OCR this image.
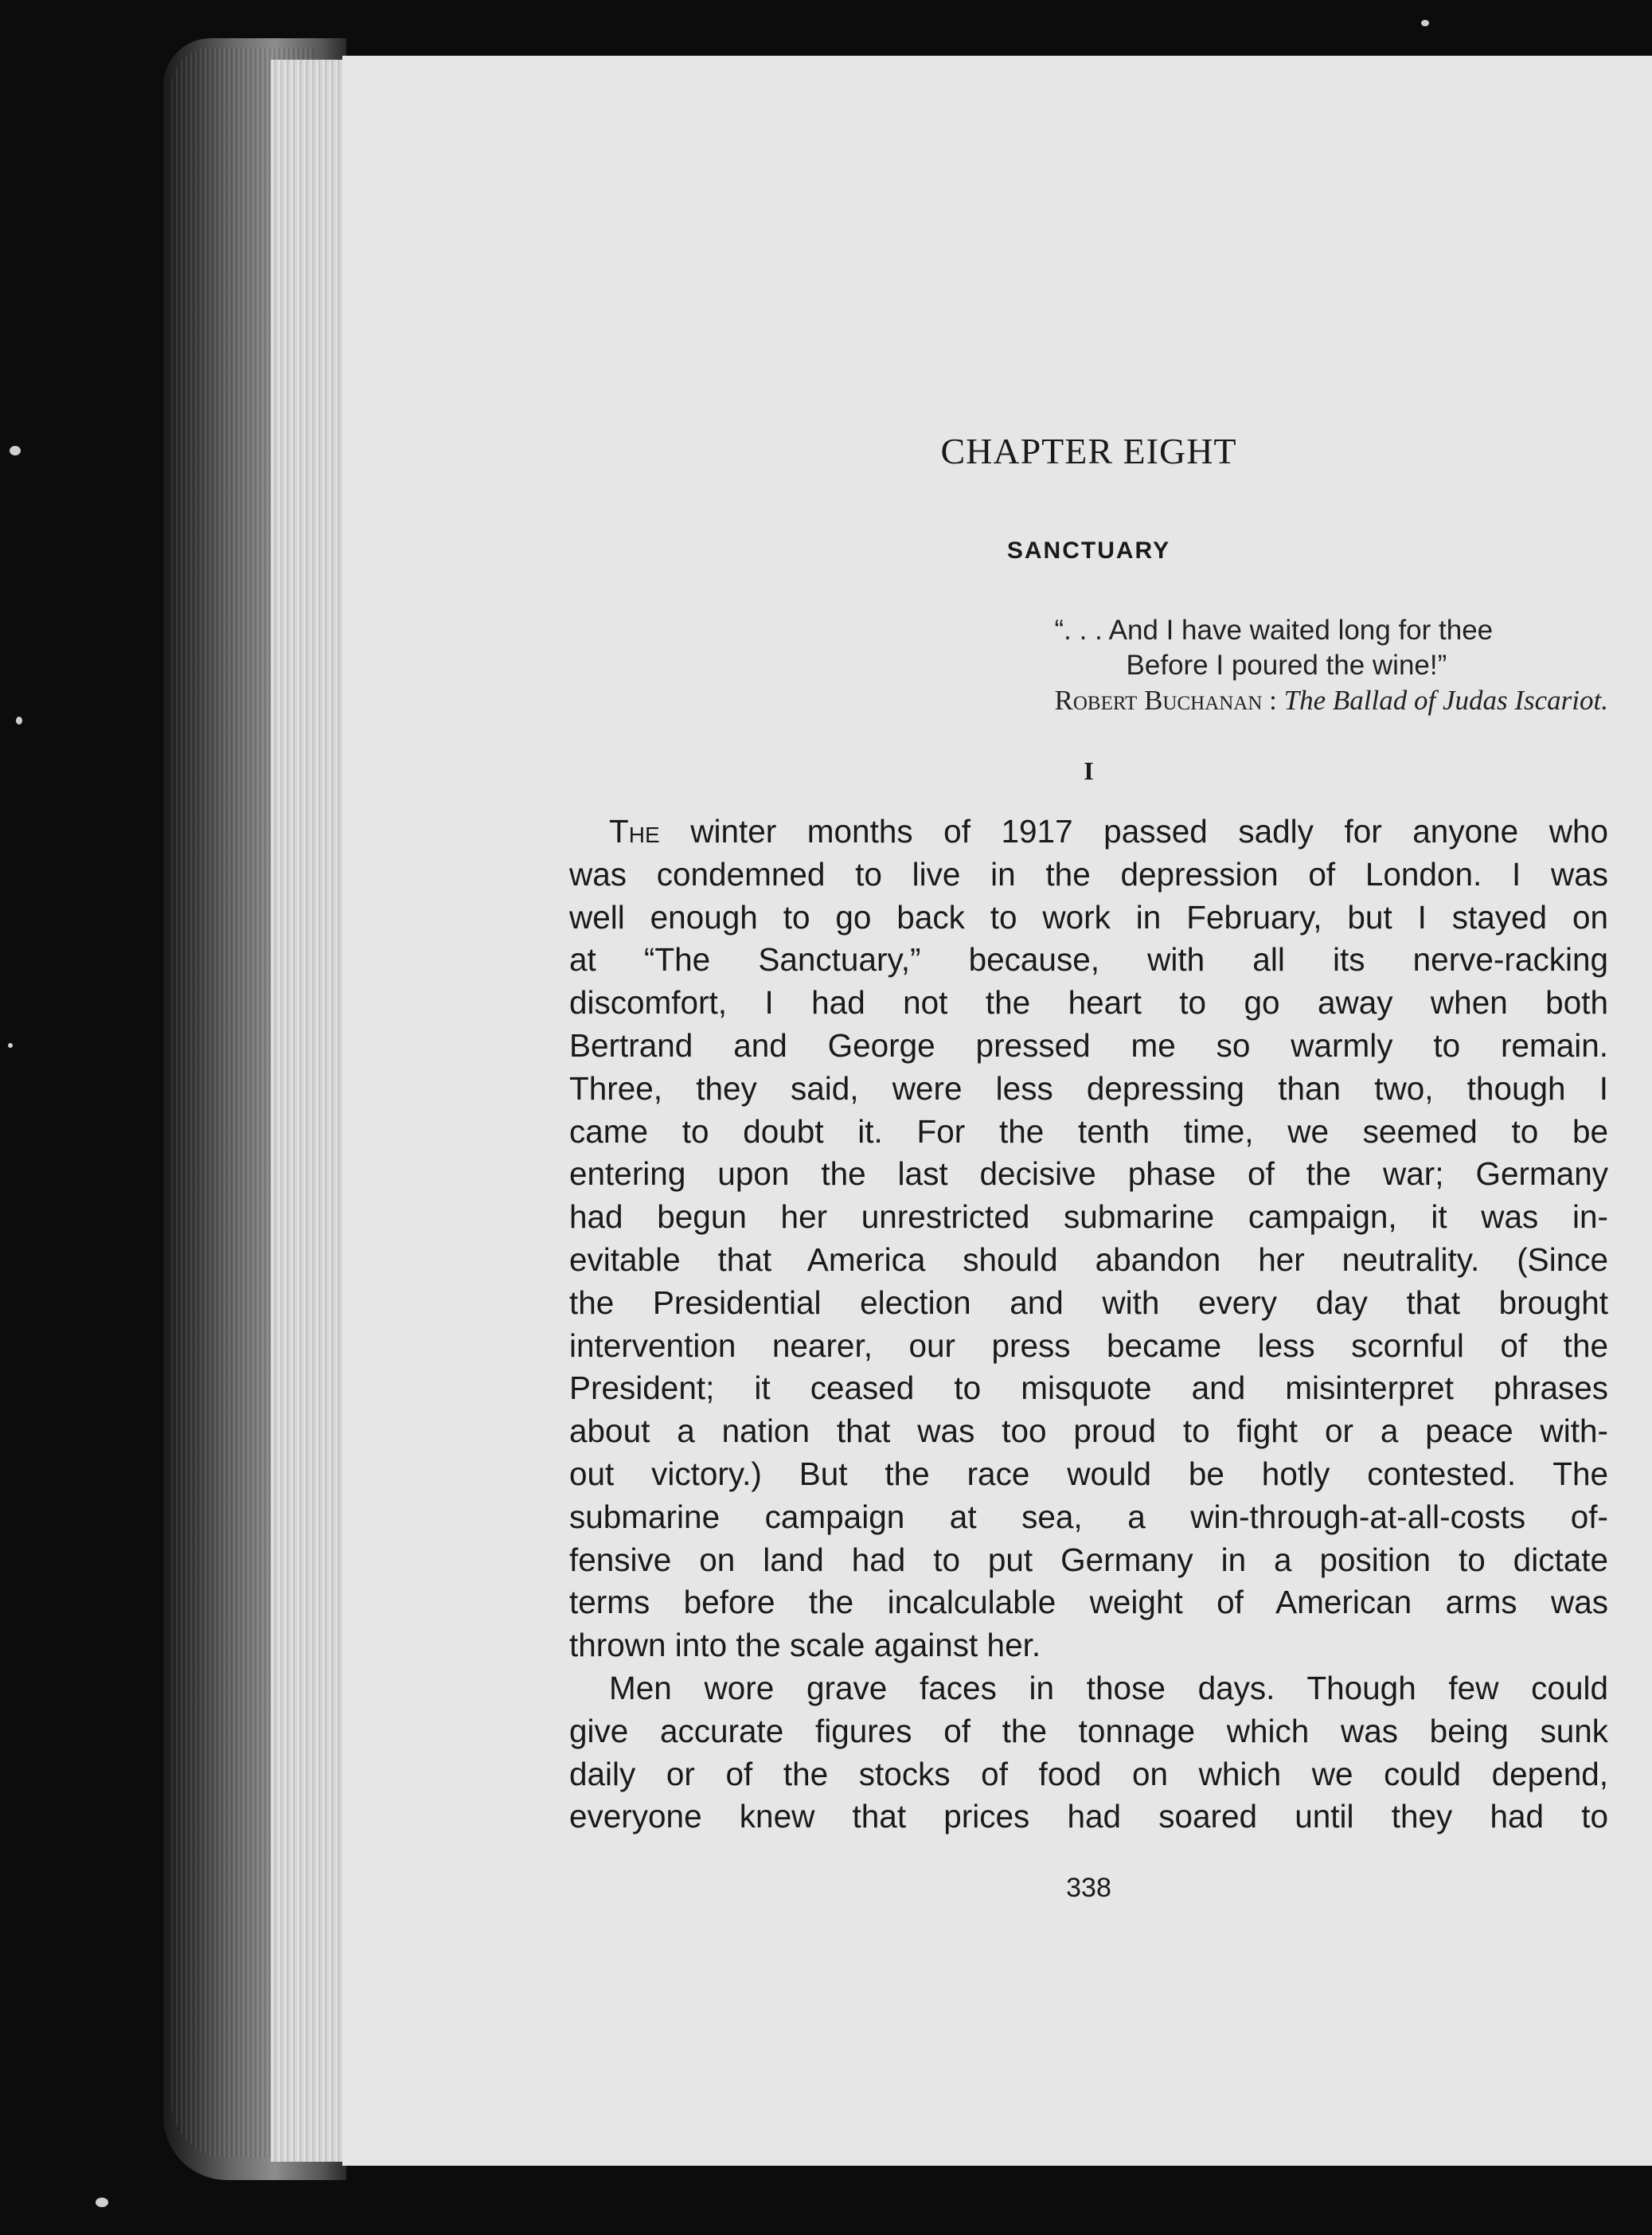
CHAPTER EIGHT
SANCTUARY
“. . . And I have waited long for thee
Before I poured the wine!”
Robert Buchanan : The Ballad of Judas Iscariot.
I
The winter months of 1917 passed sadly for anyone who
was condemned to live in the depression of London. I was
well enough to go back to work in February, but I stayed on
at “The Sanctuary,” because, with all its nerve-racking
discomfort, I had not the heart to go away when both
Bertrand and George pressed me so warmly to remain.
Three, they said, were less depressing than two, though I
came to doubt it. For the tenth time, we seemed to be
entering upon the last decisive phase of the war; Germany
had begun her unrestricted submarine campaign, it was in-
evitable that America should abandon her neutrality. (Since
the Presidential election and with every day that brought
intervention nearer, our press became less scornful of the
President; it ceased to misquote and misinterpret phrases
about a nation that was too proud to fight or a peace with-
out victory.) But the race would be hotly contested. The
submarine campaign at sea, a win-through-at-all-costs of-
fensive on land had to put Germany in a position to dictate
terms before the incalculable weight of American arms was
thrown into the scale against her.
Men wore grave faces in those days. Though few could
give accurate figures of the tonnage which was being sunk
daily or of the stocks of food on which we could depend,
everyone knew that prices had soared until they had to
338
